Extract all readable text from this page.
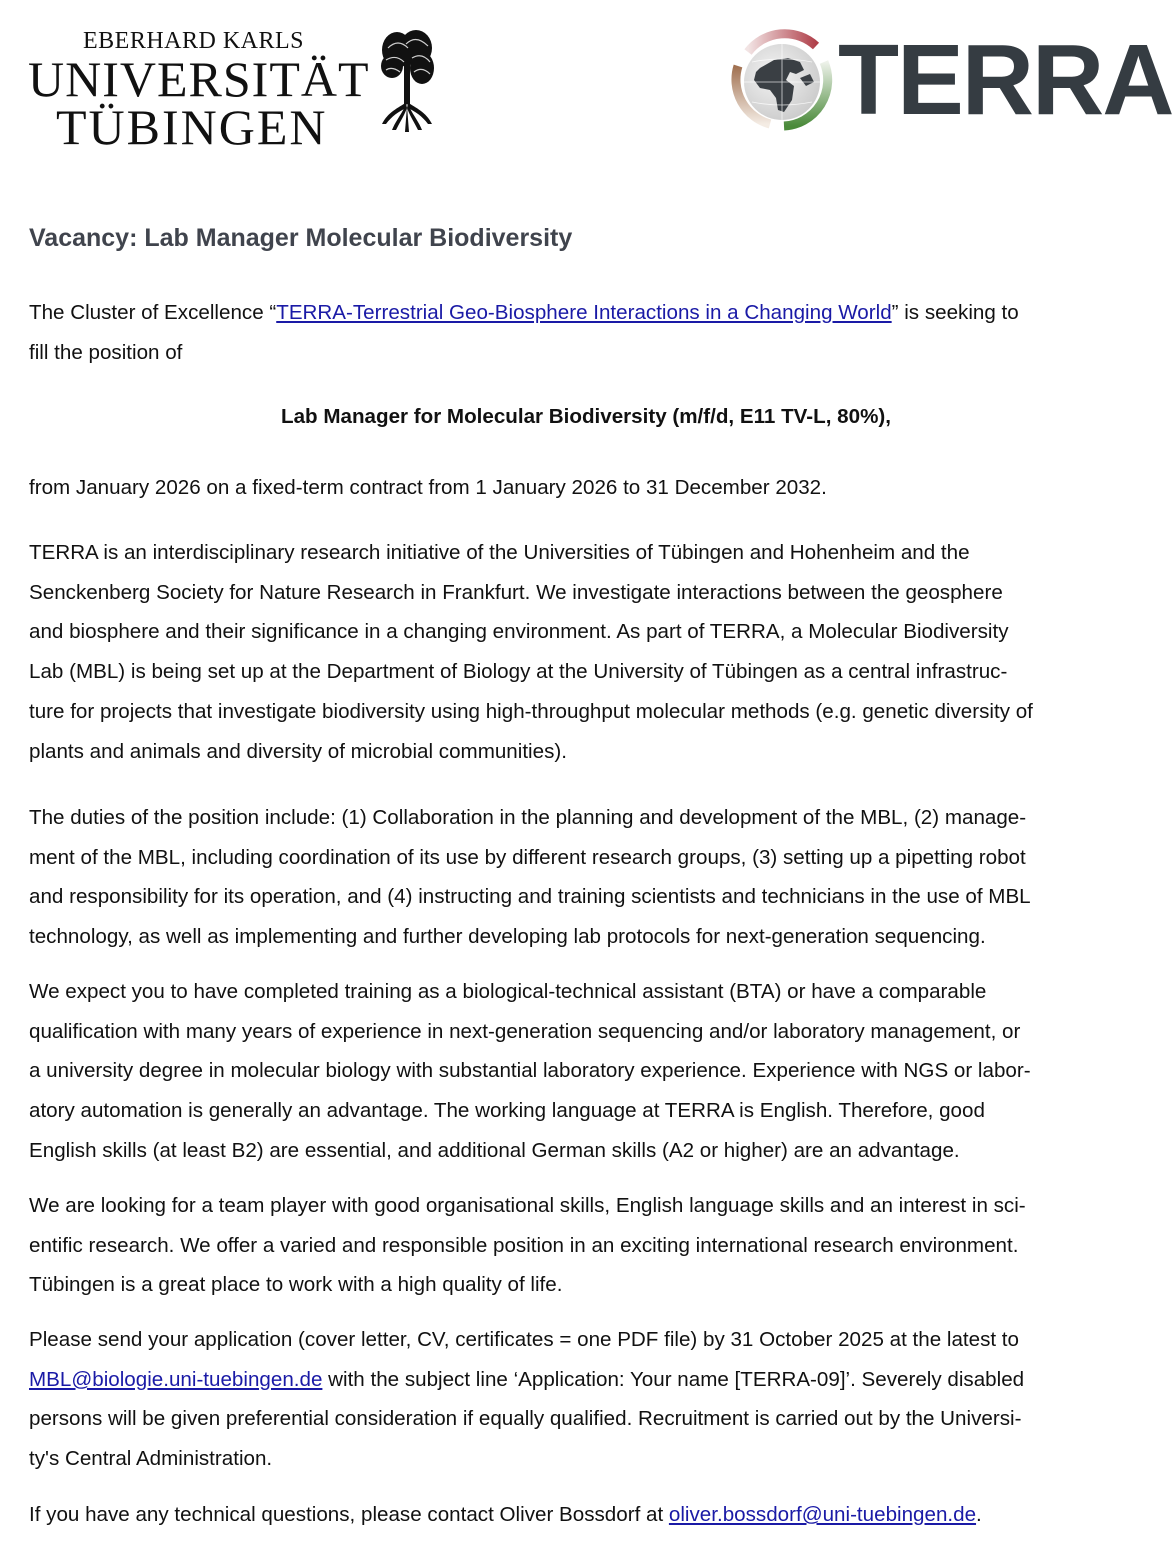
EBERHARD KARLS
UNIVERSITÄT
TÜBINGEN	TERRA
Vacancy: Lab Manager Molecular Biodiversity
The Cluster of Excellence “TERRA-Terrestrial Geo-Biosphere Interactions in a Changing World” is seeking to
fill the position of
Lab Manager for Molecular Biodiversity (m/f/d, E11 TV-L, 80%),
from January 2026 on a fixed-term contract from 1 January 2026 to 31 December 2032.
TERRA is an interdisciplinary research initiative of the Universities of Tübingen and Hohenheim and the
Senckenberg Society for Nature Research in Frankfurt. We investigate interactions between the geosphere
and biosphere and their significance in a changing environment. As part of TERRA, a Molecular Biodiversity
Lab (MBL) is being set up at the Department of Biology at the University of Tübingen as a central infrastruc-
ture for projects that investigate biodiversity using high-throughput molecular methods (e.g. genetic diversity of
plants and animals and diversity of microbial communities).
The duties of the position include: (1) Collaboration in the planning and development of the MBL, (2) manage-
ment of the MBL, including coordination of its use by different research groups, (3) setting up a pipetting robot
and responsibility for its operation, and (4) instructing and training scientists and technicians in the use of MBL
technology, as well as implementing and further developing lab protocols for next-generation sequencing.
We expect you to have completed training as a biological-technical assistant (BTA) or have a comparable
qualification with many years of experience in next-generation sequencing and/or laboratory management, or
a university degree in molecular biology with substantial laboratory experience. Experience with NGS or labor-
atory automation is generally an advantage. The working language at TERRA is English. Therefore, good
English skills (at least B2) are essential, and additional German skills (A2 or higher) are an advantage.
We are looking for a team player with good organisational skills, English language skills and an interest in sci-
entific research. We offer a varied and responsible position in an exciting international research environment.
Tübingen is a great place to work with a high quality of life.
Please send your application (cover letter, CV, certificates = one PDF file) by 31 October 2025 at the latest to
MBL@biologie.uni-tuebingen.de with the subject line ‘Application: Your name [TERRA-09]’. Severely disabled
persons will be given preferential consideration if equally qualified. Recruitment is carried out by the Universi-
ty's Central Administration.
If you have any technical questions, please contact Oliver Bossdorf at oliver.bossdorf@uni-tuebingen.de.
